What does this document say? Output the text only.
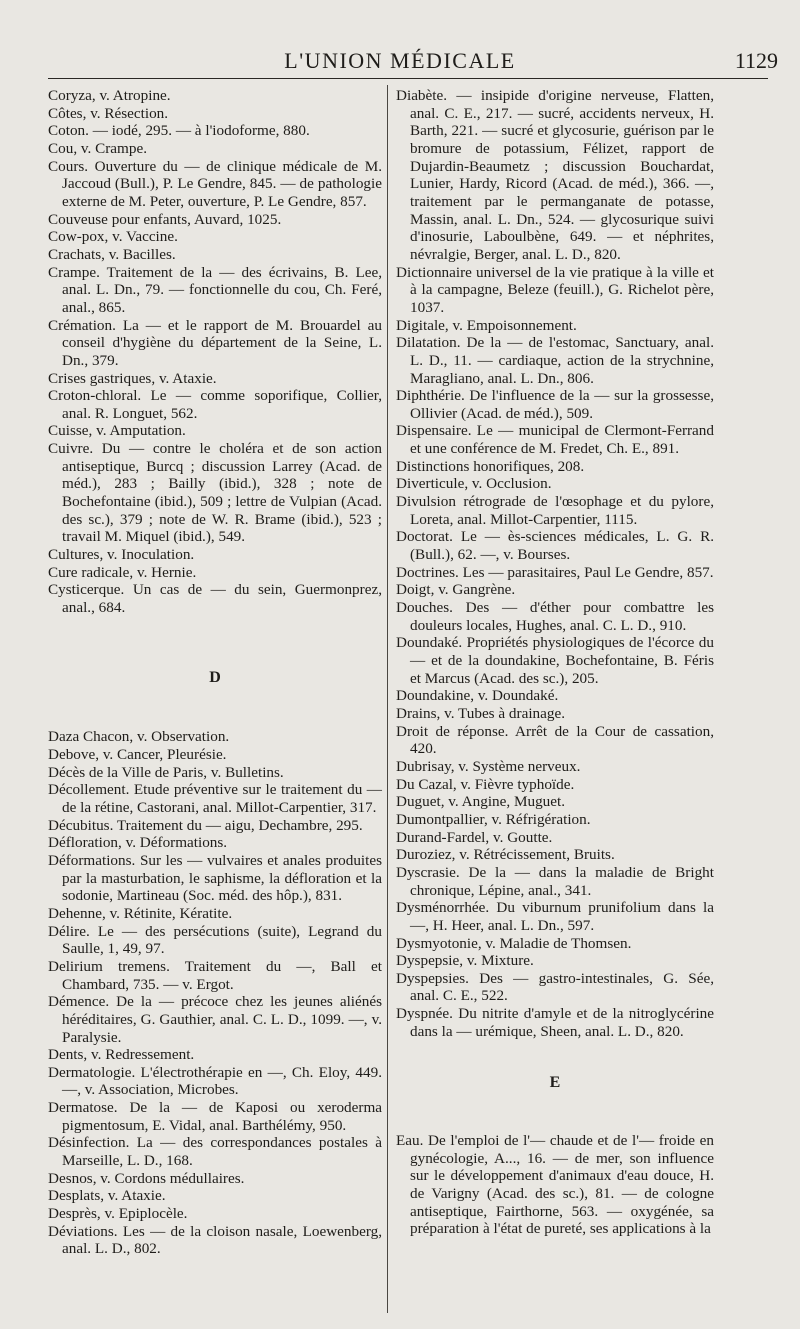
L'UNION MÉDICALE	1129

Coryza, v. Atropine.

Côtes, v. Résection.

Coton. — iodé, 295. — à l'iodoforme, 880.

Cou, v. Crampe.

Cours. Ouverture du — de clinique médicale de M. Jaccoud (Bull.), P. Le Gendre, 845. — de pathologie externe de M. Peter, ouverture, P. Le Gendre, 857.

Couveuse pour enfants, Auvard, 1025.

Cow-pox, v. Vaccine.

Crachats, v. Bacilles.

Crampe. Traitement de la — des écrivains, B. Lee, anal. L. Dn., 79. — fonctionnelle du cou, Ch. Feré, anal., 865.

Crémation. La — et le rapport de M. Brouardel au conseil d'hygiène du département de la Seine, L. Dn., 379.

Crises gastriques, v. Ataxie.

Croton-chloral. Le — comme soporifique, Collier, anal. R. Longuet, 562.

Cuisse, v. Amputation.

Cuivre. Du — contre le choléra et de son action antiseptique, Burcq ; discussion Larrey (Acad. de méd.), 283 ; Bailly (ibid.), 328 ; note de Bochefontaine (ibid.), 509 ; lettre de Vulpian (Acad. des sc.), 379 ; note de W. R. Brame (ibid.), 523 ; travail M. Miquel (ibid.), 549.

Cultures, v. Inoculation.

Cure radicale, v. Hernie.

Cysticerque. Un cas de — du sein, Guermonprez, anal., 684.

D

Daza Chacon, v. Observation.

Debove, v. Cancer, Pleurésie.

Décès de la Ville de Paris, v. Bulletins.

Décollement. Etude préventive sur le traitement du — de la rétine, Castorani, anal. Millot-Carpentier, 317.

Décubitus. Traitement du — aigu, Dechambre, 295.

Défloration, v. Déformations.

Déformations. Sur les — vulvaires et anales produites par la masturbation, le saphisme, la défloration et la sodonie, Martineau (Soc. méd. des hôp.), 831.

Dehenne, v. Rétinite, Kératite.

Délire. Le — des persécutions (suite), Legrand du Saulle, 1, 49, 97.

Delirium tremens. Traitement du —, Ball et Chambard, 735. — v. Ergot.

Démence. De la — précoce chez les jeunes aliénés héréditaires, G. Gauthier, anal. C. L. D., 1099. —, v. Paralysie.

Dents, v. Redressement.

Dermatologie. L'électrothérapie en —, Ch. Eloy, 449. —, v. Association, Microbes.

Dermatose. De la — de Kaposi ou xeroderma pigmentosum, E. Vidal, anal. Barthélémy, 950.

Désinfection. La — des correspondances postales à Marseille, L. D., 168.

Desnos, v. Cordons médullaires.

Desplats, v. Ataxie.

Desprès, v. Epiplocèle.

Déviations. Les — de la cloison nasale, Loewenberg, anal. L. D., 802.

Diabète. — insipide d'origine nerveuse, Flatten, anal. C. E., 217. — sucré, accidents nerveux, H. Barth, 221. — sucré et glycosurie, guérison par le bromure de potassium, Félizet, rapport de Dujardin-Beaumetz ; discussion Bouchardat, Lunier, Hardy, Ricord (Acad. de méd.), 366. —, traitement par le permanganate de potasse, Massin, anal. L. Dn., 524. — glycosurique suivi d'inosurie, Laboulbène, 649. — et néphrites, névralgie, Berger, anal. L. D., 820.

Dictionnaire universel de la vie pratique à la ville et à la campagne, Beleze (feuill.), G. Richelot père, 1037.

Digitale, v. Empoisonnement.

Dilatation. De la — de l'estomac, Sanctuary, anal. L. D., 11. — cardiaque, action de la strychnine, Maragliano, anal. L. Dn., 806.

Diphthérie. De l'influence de la — sur la grossesse, Ollivier (Acad. de méd.), 509.

Dispensaire. Le — municipal de Clermont-Ferrand et une conférence de M. Fredet, Ch. E., 891.

Distinctions honorifiques, 208.

Diverticule, v. Occlusion.

Divulsion rétrograde de l'œsophage et du pylore, Loreta, anal. Millot-Carpentier, 1115.

Doctorat. Le — ès-sciences médicales, L. G. R. (Bull.), 62. —, v. Bourses.

Doctrines. Les — parasitaires, Paul Le Gendre, 857.

Doigt, v. Gangrène.

Douches. Des — d'éther pour combattre les douleurs locales, Hughes, anal. C. L. D., 910.

Doundaké. Propriétés physiologiques de l'écorce du — et de la doundakine, Bochefontaine, B. Féris et Marcus (Acad. des sc.), 205.

Doundakine, v. Doundaké.

Drains, v. Tubes à drainage.

Droit de réponse. Arrêt de la Cour de cassation, 420.

Dubrisay, v. Système nerveux.

Du Cazal, v. Fièvre typhoïde.

Duguet, v. Angine, Muguet.

Dumontpallier, v. Réfrigération.

Durand-Fardel, v. Goutte.

Duroziez, v. Rétrécissement, Bruits.

Dyscrasie. De la — dans la maladie de Bright chronique, Lépine, anal., 341.

Dysménorrhée. Du viburnum prunifolium dans la —, H. Heer, anal. L. Dn., 597.

Dysmyotonie, v. Maladie de Thomsen.

Dyspepsie, v. Mixture.

Dyspepsies. Des — gastro-intestinales, G. Sée, anal. C. E., 522.

Dyspnée. Du nitrite d'amyle et de la nitroglycérine dans la — urémique, Sheen, anal. L. D., 820.

E

Eau. De l'emploi de l'— chaude et de l'— froide en gynécologie, A..., 16. — de mer, son influence sur le développement d'animaux d'eau douce, H. de Varigny (Acad. des sc.), 81. — de cologne antiseptique, Fairthorne, 563. — oxygénée, sa préparation à l'état de pureté, ses applications à la
